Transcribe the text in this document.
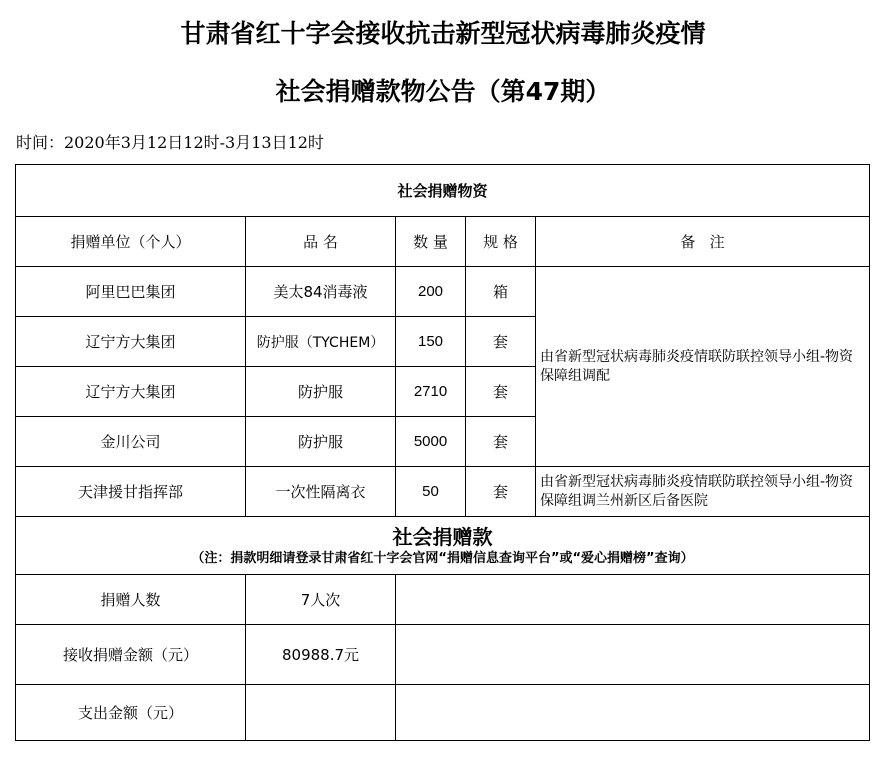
甘肃省红十字会接收抗击新型冠状病毒肺炎疫情
社会捐赠款物公告（第47期）
时间：2020年3月12日12时-3月13日12时
社会捐赠物资				
捐赠单位（个人）	品 名	数 量	规 格	备   注
阿里巴巴集团	美太84消毒液	200	箱	由省新型冠状病毒肺炎疫情联防联控领导小组-物资保障组调配
辽宁方大集团	防护服（TYCHEM）	150	套	
辽宁方大集团	防护服	2710	套	
金川公司	防护服	5000	套	
天津援甘指挥部	一次性隔离衣	50	套	由省新型冠状病毒肺炎疫情联防联控领导小组-物资保障组调兰州新区后备医院

社会捐赠款
（注：捐款明细请登录甘肃省红十字会官网“捐赠信息查询平台”或“爱心捐赠榜”查询）				

捐赠人数	7人次			
接收捐赠金额（元）	80988.7元			
支出金额（元）				
